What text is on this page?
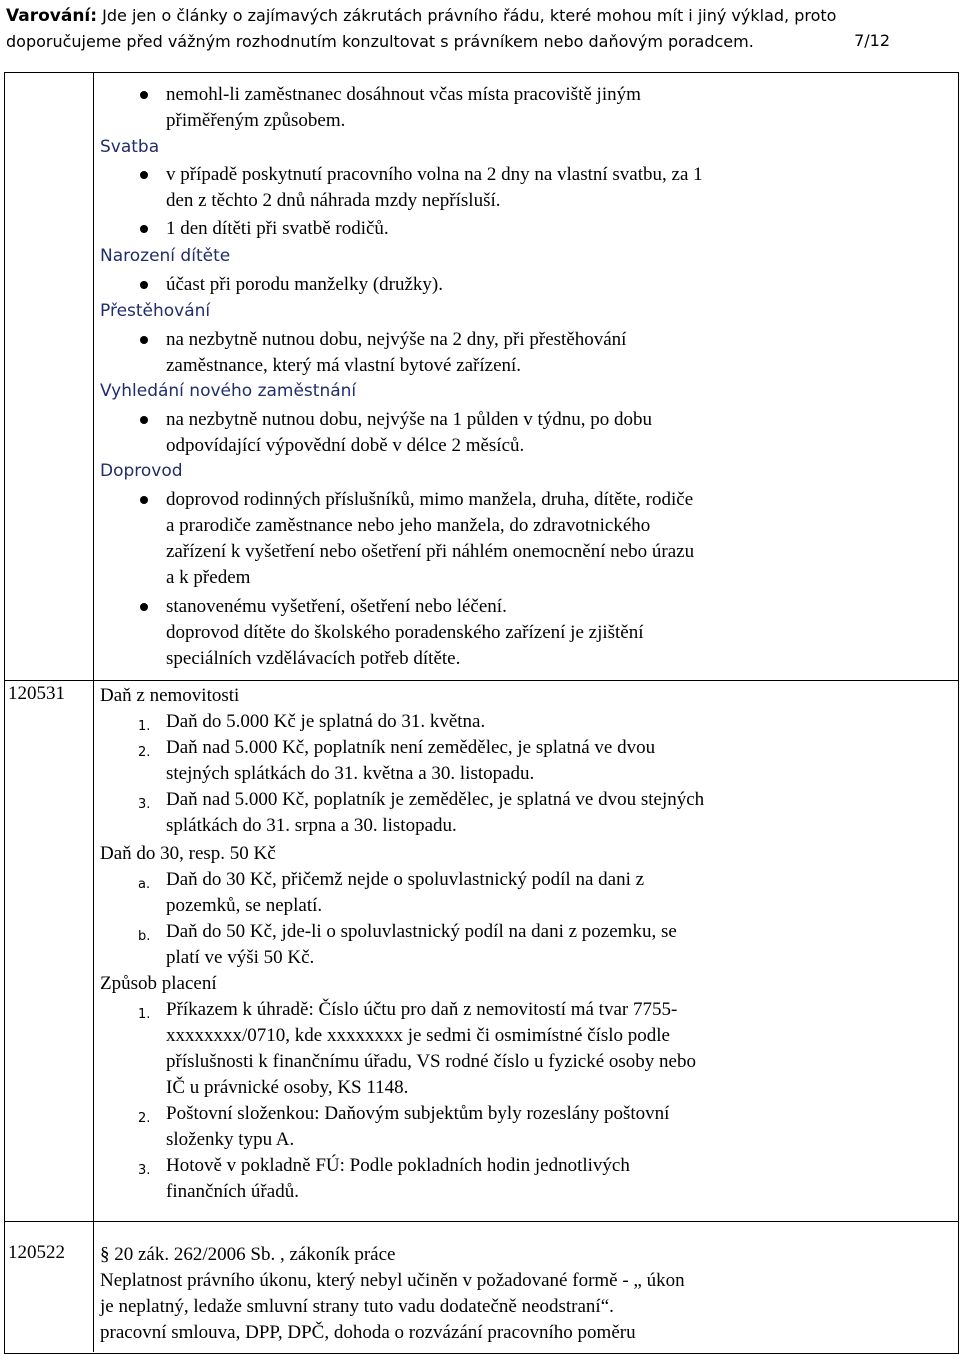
Varování: Jde jen o články o zajímavých zákrutách právního řádu, které mohou mít i jiný výklad, proto
doporučujeme před vážným rozhodnutím konzultovat s právníkem nebo daňovým poradcem.	7/12
nemohl-li zaměstnanec dosáhnout včas místa pracoviště jiným
přiměřeným způsobem.
Svatba
v případě poskytnutí pracovního volna na 2 dny na vlastní svatbu, za 1
den z těchto 2 dnů náhrada mzdy nepřísluší.
1 den dítěti při svatbě rodičů.
Narození dítěte
účast při porodu manželky (družky).
Přestěhování
na nezbytně nutnou dobu, nejvýše na 2 dny, při přestěhování
zaměstnance, který má vlastní bytové zařízení.
Vyhledání nového zaměstnání
na nezbytně nutnou dobu, nejvýše na 1 půlden v týdnu, po dobu
odpovídající výpovědní době v délce 2 měsíců.
Doprovod
doprovod rodinných příslušníků, mimo manžela, druha, dítěte, rodiče
a prarodiče zaměstnance nebo jeho manžela, do zdravotnického
zařízení k vyšetření nebo ošetření při náhlém onemocnění nebo úrazu
a k předem
stanovenému vyšetření, ošetření nebo léčení.
doprovod dítěte do školského poradenského zařízení je zjištění
speciálních vzdělávacích potřeb dítěte.
120531 Daň z nemovitosti
1. Daň do 5.000 Kč je splatná do 31. května.
2. Daň nad 5.000 Kč, poplatník není zemědělec, je splatná ve dvou
stejných splátkách do 31. května a 30. listopadu.
3. Daň nad 5.000 Kč, poplatník je zemědělec, je splatná ve dvou stejných
splátkách do 31. srpna a 30. listopadu.
Daň do 30, resp. 50 Kč
a. Daň do 30 Kč, přičemž nejde o spoluvlastnický podíl na dani z
pozemků, se neplatí.
b. Daň do 50 Kč, jde-li o spoluvlastnický podíl na dani z pozemku, se
platí ve výši 50 Kč.
Způsob placení
1. Příkazem k úhradě: Číslo účtu pro daň z nemovitostí má tvar 7755-
xxxxxxxx/0710, kde xxxxxxxx je sedmi či osmimístné číslo podle
příslušnosti k finančnímu úřadu, VS rodné číslo u fyzické osoby nebo
IČ u právnické osoby, KS 1148.
2. Poštovní složenkou: Daňovým subjektům byly rozeslány poštovní
složenky typu A.
3. Hotově v pokladně FÚ: Podle pokladních hodin jednotlivých
finančních úřadů.
120522 § 20 zák. 262/2006 Sb. , zákoník práce
Neplatnost právního úkonu, který nebyl učiněn v požadované formě - „ úkon
je neplatný, ledaže smluvní strany tuto vadu dodatečně neodstraní“.
pracovní smlouva, DPP, DPČ, dohoda o rozvázání pracovního poměru
